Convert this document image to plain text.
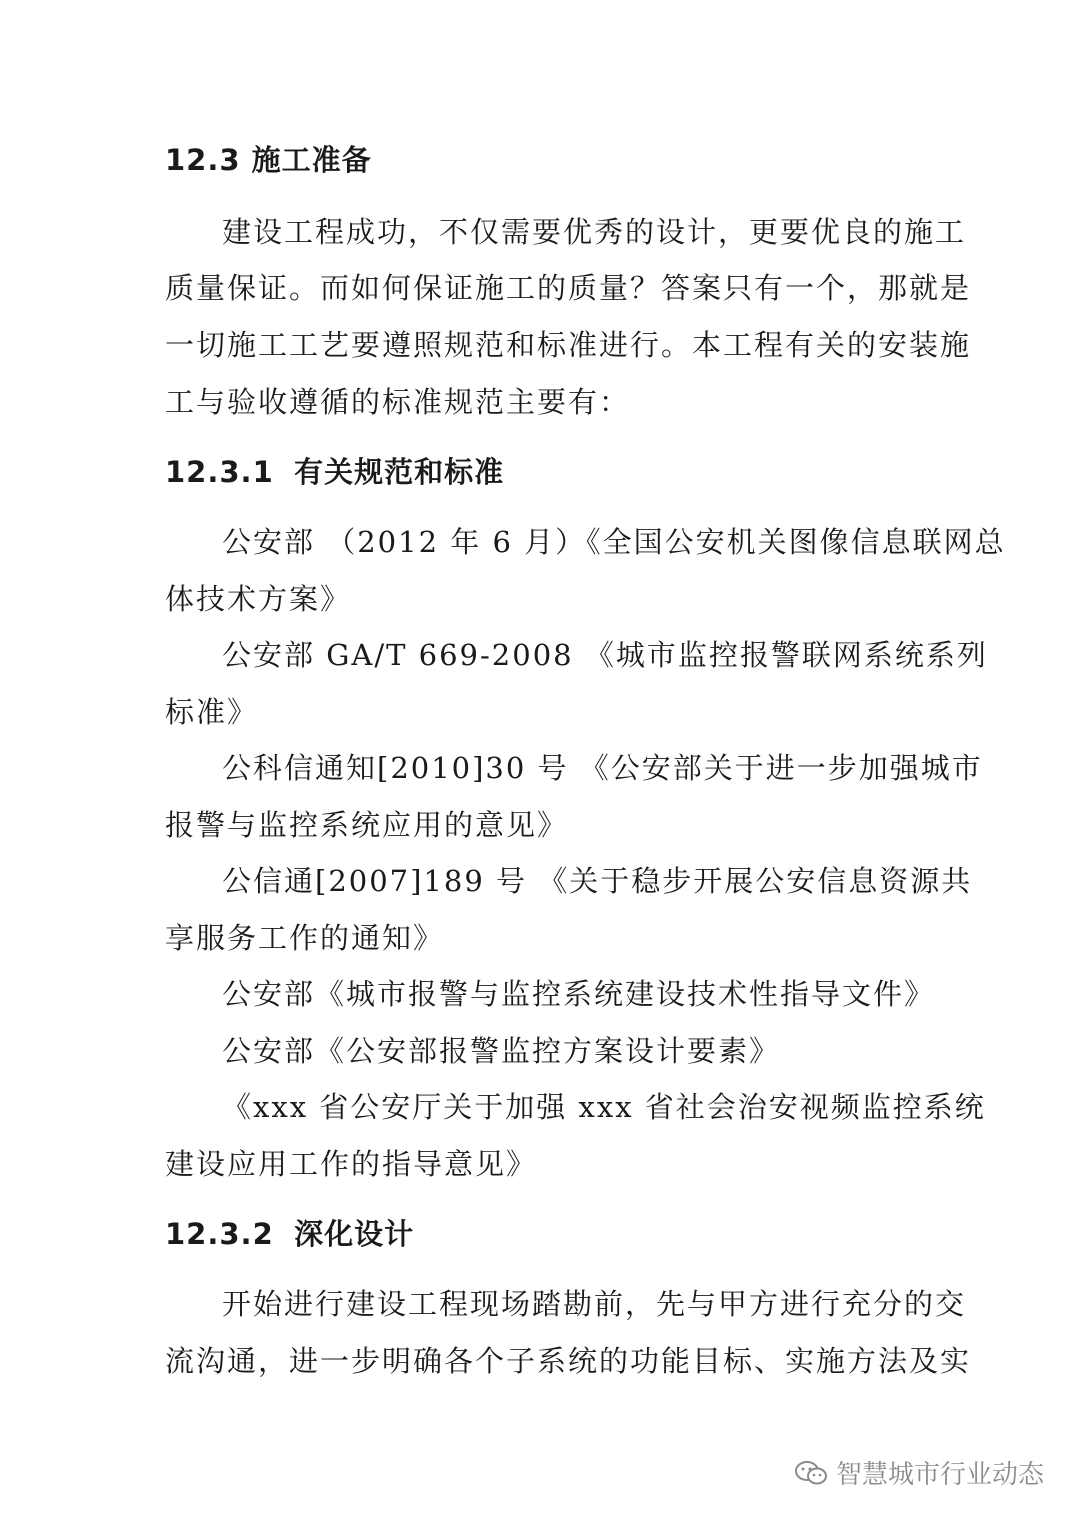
12.3 施工准备
建设工程成功，不仅需要优秀的设计，更要优良的施工
质量保证。而如何保证施工的质量？答案只有一个，那就是
一切施工工艺要遵照规范和标准进行。本工程有关的安装施
工与验收遵循的标准规范主要有：
12.3.1 有关规范和标准
公安部 （2012 年 6 月）《全国公安机关图像信息联网总
体技术方案》
公安部 GA/T 669-2008 《城市监控报警联网系统系列
标准》
公科信通知[2010]30 号 《公安部关于进一步加强城市
报警与监控系统应用的意见》
公信通[2007]189 号 《关于稳步开展公安信息资源共
享服务工作的通知》
公安部《城市报警与监控系统建设技术性指导文件》
公安部《公安部报警监控方案设计要素》
《xxx 省公安厅关于加强 xxx 省社会治安视频监控系统
建设应用工作的指导意见》
12.3.2 深化设计
开始进行建设工程现场踏勘前，先与甲方进行充分的交
流沟通，进一步明确各个子系统的功能目标、实施方法及实
智慧城市行业动态
